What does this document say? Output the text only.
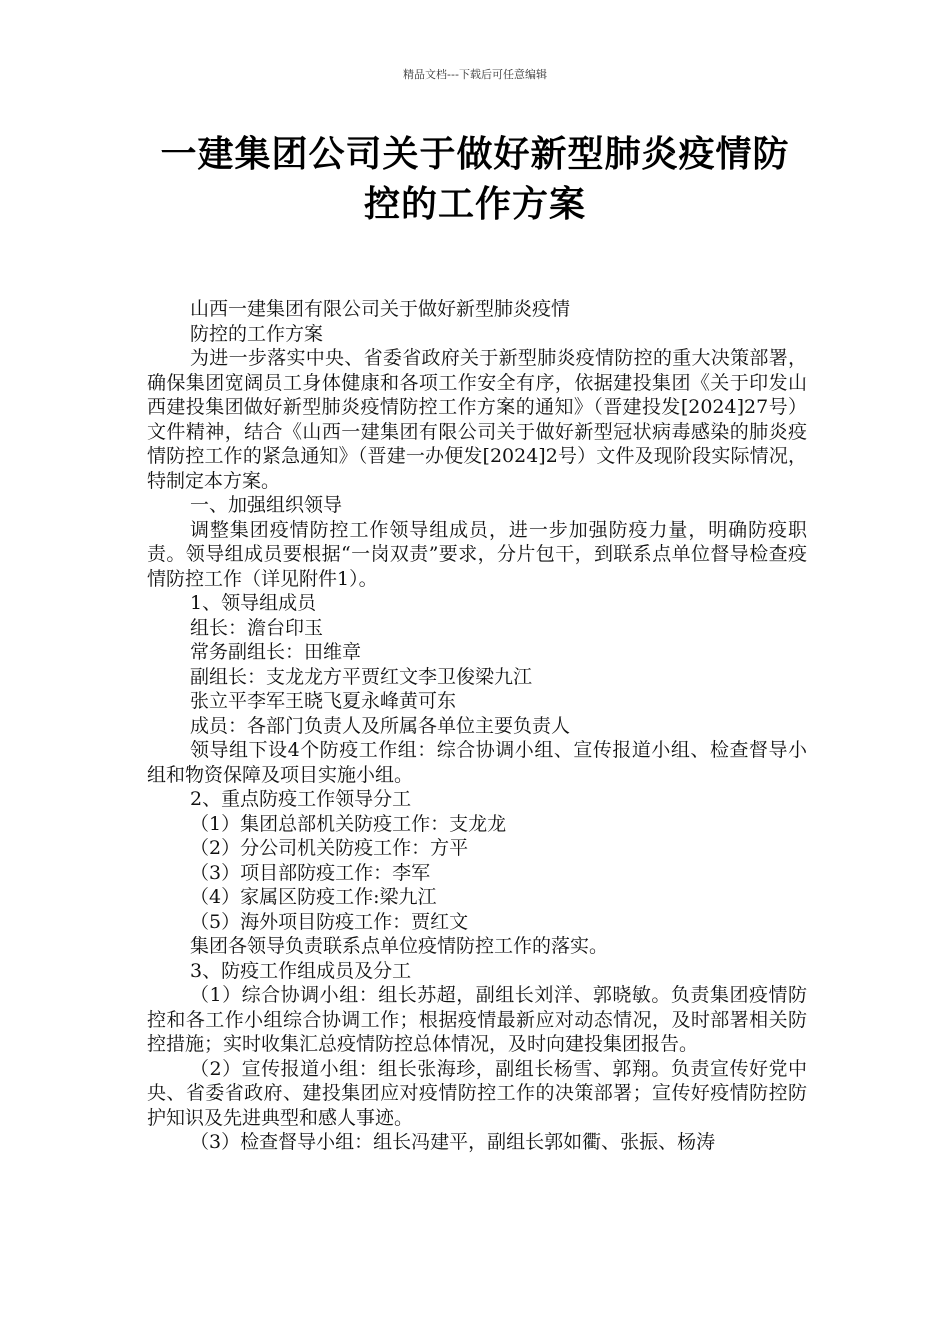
精品文档---下载后可任意编辑
一建集团公司关于做好新型肺炎疫情防
控的工作方案

山西一建集团有限公司关于做好新型肺炎疫情

防控的工作方案

为进一步落实中央、省委省政府关于新型肺炎疫情防控的重大决策部署，确保集团宽阔员工身体健康和各项工作安全有序，依据建投集团《关于印发山西建投集团做好新型肺炎疫情防控工作方案的通知》（晋建投发[2024]27号）文件精神，结合《山西一建集团有限公司关于做好新型冠状病毒感染的肺炎疫情防控工作的紧急通知》（晋建一办便发[2024]2号）文件及现阶段实际情况，特制定本方案。

一、加强组织领导

调整集团疫情防控工作领导组成员，进一步加强防疫力量，明确防疫职责。领导组成员要根据“一岗双责”要求，分片包干，到联系点单位督导检查疫情防控工作（详见附件1）。

1、领导组成员

组长：澹台印玉

常务副组长：田维章

副组长：支龙龙方平贾红文李卫俊梁九江

张立平李军王晓飞夏永峰黄可东

成员：各部门负责人及所属各单位主要负责人

领导组下设4个防疫工作组：综合协调小组、宣传报道小组、检查督导小组和物资保障及项目实施小组。

2、重点防疫工作领导分工

（1）集团总部机关防疫工作：支龙龙

（2）分公司机关防疫工作：方平

（3）项目部防疫工作：李军

（4）家属区防疫工作:梁九江

（5）海外项目防疫工作：贾红文

集团各领导负责联系点单位疫情防控工作的落实。

3、防疫工作组成员及分工

（1）综合协调小组：组长苏超，副组长刘洋、郭晓敏。负责集团疫情防控和各工作小组综合协调工作；根据疫情最新应对动态情况，及时部署相关防控措施；实时收集汇总疫情防控总体情况，及时向建投集团报告。

（2）宣传报道小组：组长张海珍，副组长杨雪、郭翔。负责宣传好党中央、省委省政府、建投集团应对疫情防控工作的决策部署；宣传好疫情防控防护知识及先进典型和感人事迹。

（3）检查督导小组：组长冯建平，副组长郭如衢、张振、杨涛
